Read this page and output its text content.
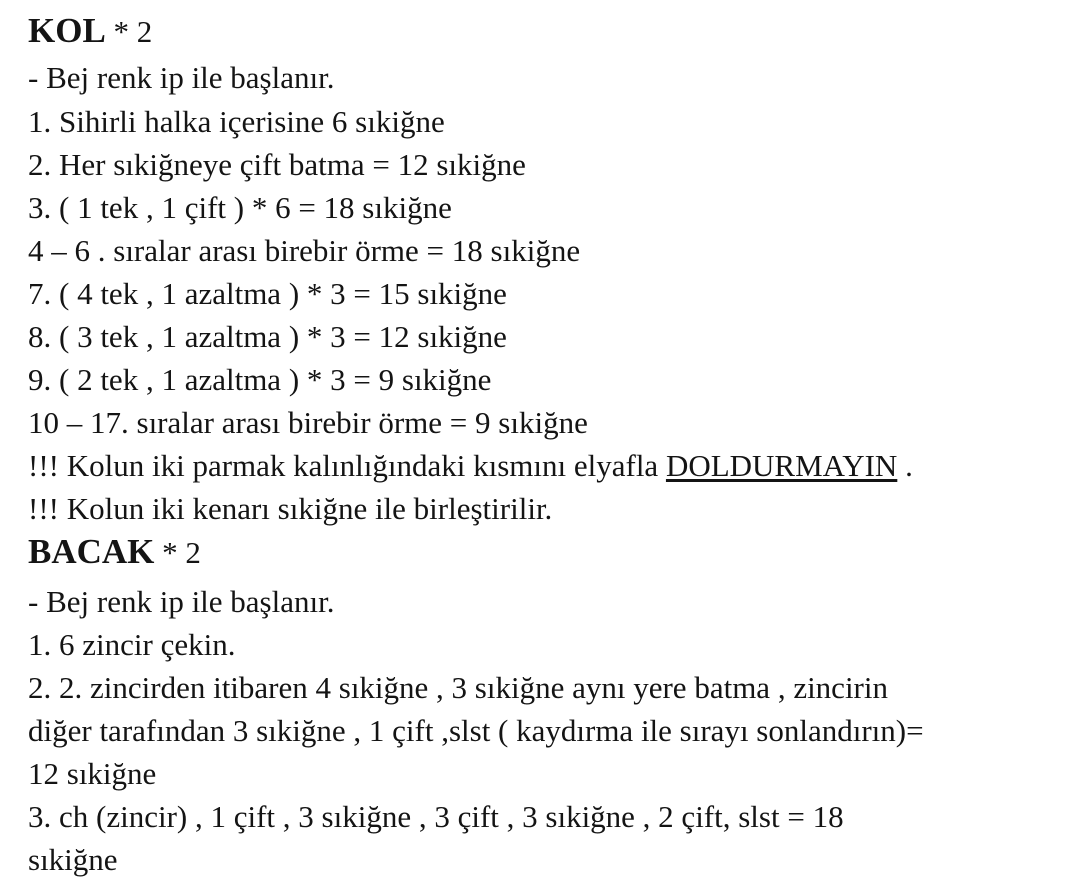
KOL * 2
- Bej renk ip ile başlanır.
1. Sihirli halka içerisine 6 sıkiğne
2. Her sıkiğneye çift batma = 12 sıkiğne
3. ( 1 tek , 1 çift ) * 6 = 18 sıkiğne
4 – 6 . sıralar arası birebir örme = 18 sıkiğne
7. ( 4 tek , 1 azaltma ) * 3 = 15 sıkiğne
8. ( 3 tek , 1 azaltma ) * 3 = 12 sıkiğne
9. ( 2 tek , 1 azaltma ) * 3 = 9 sıkiğne
10 – 17. sıralar arası birebir örme = 9 sıkiğne
!!! Kolun iki parmak kalınlığındaki kısmını elyafla DOLDURMAYIN .
!!! Kolun iki kenarı sıkiğne ile birleştirilir.
BACAK * 2
- Bej renk ip ile başlanır.
1. 6 zincir çekin.
2. 2. zincirden itibaren 4 sıkiğne , 3 sıkiğne aynı yere batma , zincirin
diğer tarafından 3 sıkiğne , 1 çift ,slst ( kaydırma ile sırayı sonlandırın)=
12 sıkiğne
3. ch (zincir) , 1 çift , 3 sıkiğne , 3 çift , 3 sıkiğne , 2 çift, slst = 18
sıkiğne
